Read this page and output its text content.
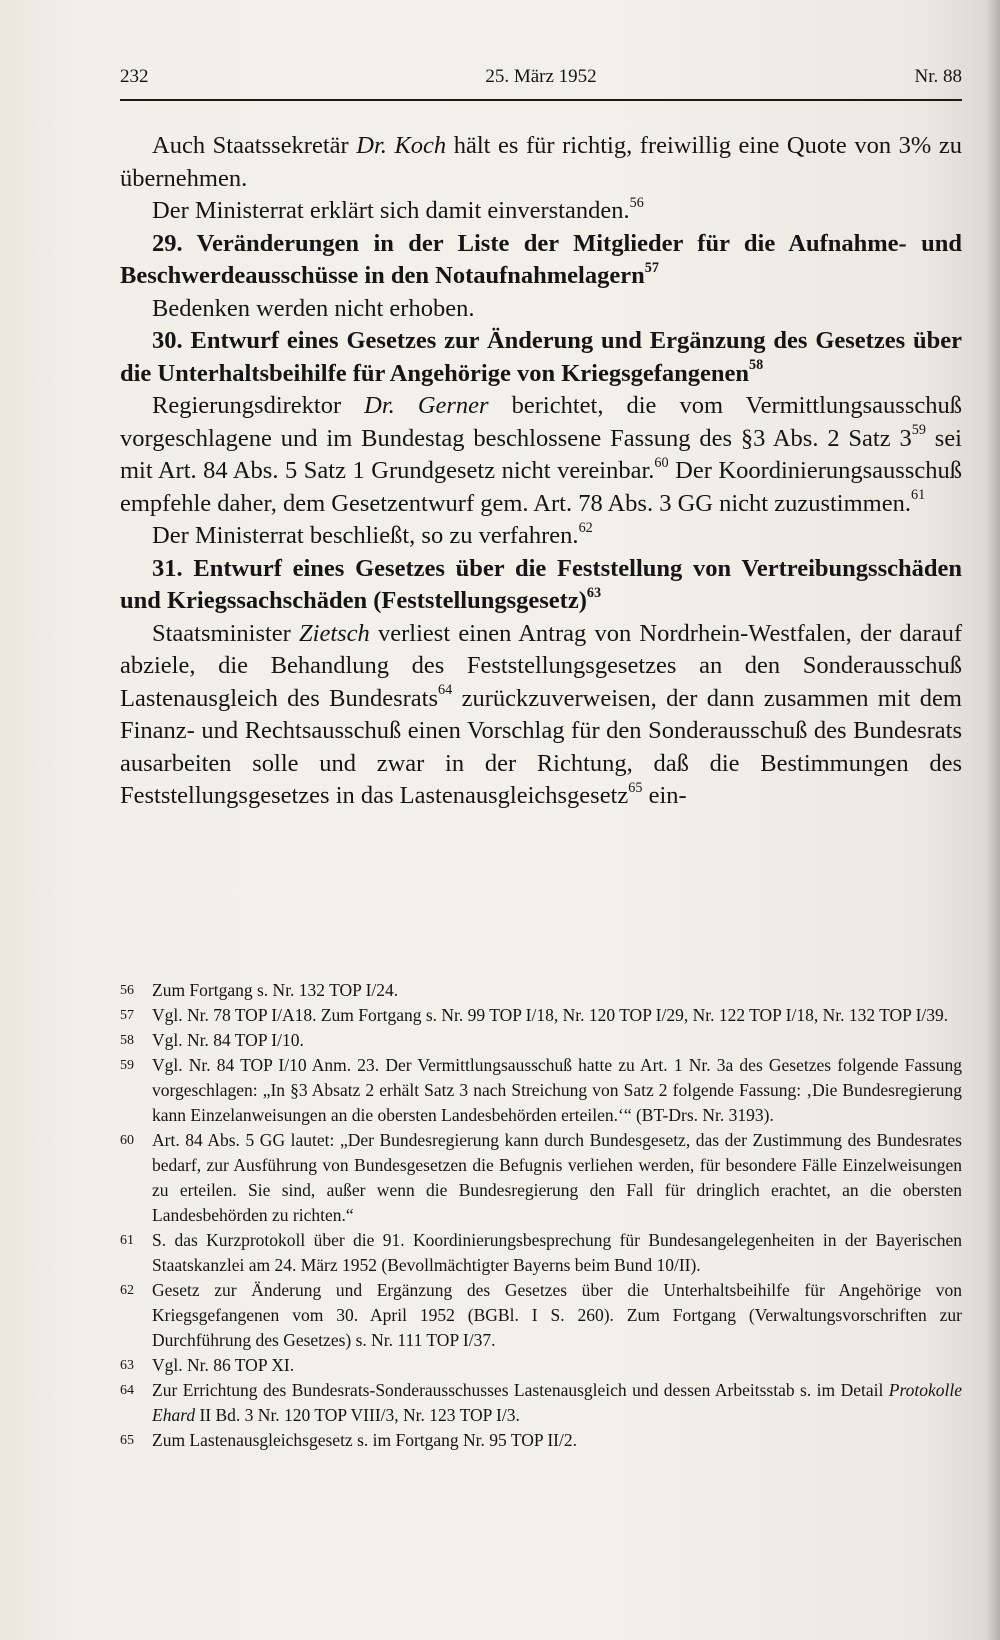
232	25. März 1952	Nr. 88

Auch Staatssekretär Dr. Koch hält es für richtig, freiwillig eine Quote von 3% zu übernehmen.

Der Ministerrat erklärt sich damit einverstanden.$^{56}$

29. Veränderungen in der Liste der Mitglieder für die Aufnahme- und Beschwerdeausschüsse in den Notaufnahmelagern$^{57}$

Bedenken werden nicht erhoben.

30. Entwurf eines Gesetzes zur Änderung und Ergänzung des Gesetzes über die Unterhaltsbeihilfe für Angehörige von Kriegsgefangenen$^{58}$

Regierungsdirektor Dr. Gerner berichtet, die vom Vermittlungsausschuß vorgeschlagene und im Bundestag beschlossene Fassung des §3 Abs. 2 Satz $3^{59}$ sei mit Art. 84 Abs. 5 Satz 1 Grundgesetz nicht vereinbar.$^{60}$ Der Koordinierungsausschuß empfehle daher, dem Gesetzentwurf gem. Art. 78 Abs. 3 GG nicht zuzustimmen.$^{61}$

Der Ministerrat beschließt, so zu verfahren.$^{62}$

31. Entwurf eines Gesetzes über die Feststellung von Vertreibungsschäden und Kriegssachschäden (Feststellungsgesetz)$^{63}$

Staatsminister Zietsch verliest einen Antrag von Nordrhein-Westfalen, der darauf abziele, die Behandlung des Feststellungsgesetzes an den Sonderausschuß Lastenausgleich des Bundesrats$^{64}$ zurückzuverweisen, der dann zusammen mit dem Finanz- und Rechtsausschuß einen Vorschlag für den Sonderausschuß des Bundesrats ausarbeiten solle und zwar in der Richtung, daß die Bestimmungen des Feststellungsgesetzes in das Lastenausgleichsgesetz$^{65}$ ein-

56 Zum Fortgang s. Nr. 132 TOP I/24.
57 Vgl. Nr. 78 TOP I/A18. Zum Fortgang s. Nr. 99 TOP I/18, Nr. 120 TOP I/29, Nr. 122 TOP I/18, Nr. 132 TOP I/39.
58 Vgl. Nr. 84 TOP I/10.
59 Vgl. Nr. 84 TOP I/10 Anm. 23. Der Vermittlungsausschuß hatte zu Art. 1 Nr. 3a des Gesetzes folgende Fassung vorgeschlagen: „In §3 Absatz 2 erhält Satz 3 nach Streichung von Satz 2 folgende Fassung: ‚Die Bundesregierung kann Einzelanweisungen an die obersten Landesbehörden erteilen.‘“ (BT-Drs. Nr. 3193).
60 Art. 84 Abs. 5 GG lautet: „Der Bundesregierung kann durch Bundesgesetz, das der Zustimmung des Bundesrates bedarf, zur Ausführung von Bundesgesetzen die Befugnis verliehen werden, für besondere Fälle Einzelweisungen zu erteilen. Sie sind, außer wenn die Bundesregierung den Fall für dringlich erachtet, an die obersten Landesbehörden zu richten.“
61 S. das Kurzprotokoll über die 91. Koordinierungsbesprechung für Bundesangelegenheiten in der Bayerischen Staatskanzlei am 24. März 1952 (Bevollmächtigter Bayerns beim Bund 10/II).
62 Gesetz zur Änderung und Ergänzung des Gesetzes über die Unterhaltsbeihilfe für Angehörige von Kriegsgefangenen vom 30. April 1952 (BGBl. I S. 260). Zum Fortgang (Verwaltungsvorschriften zur Durchführung des Gesetzes) s. Nr. 111 TOP I/37.
63 Vgl. Nr. 86 TOP XI.
64 Zur Errichtung des Bundesrats-Sonderausschusses Lastenausgleich und dessen Arbeitsstab s. im Detail Protokolle Ehard II Bd. 3 Nr. 120 TOP VIII/3, Nr. 123 TOP I/3.
65 Zum Lastenausgleichsgesetz s. im Fortgang Nr. 95 TOP II/2.
